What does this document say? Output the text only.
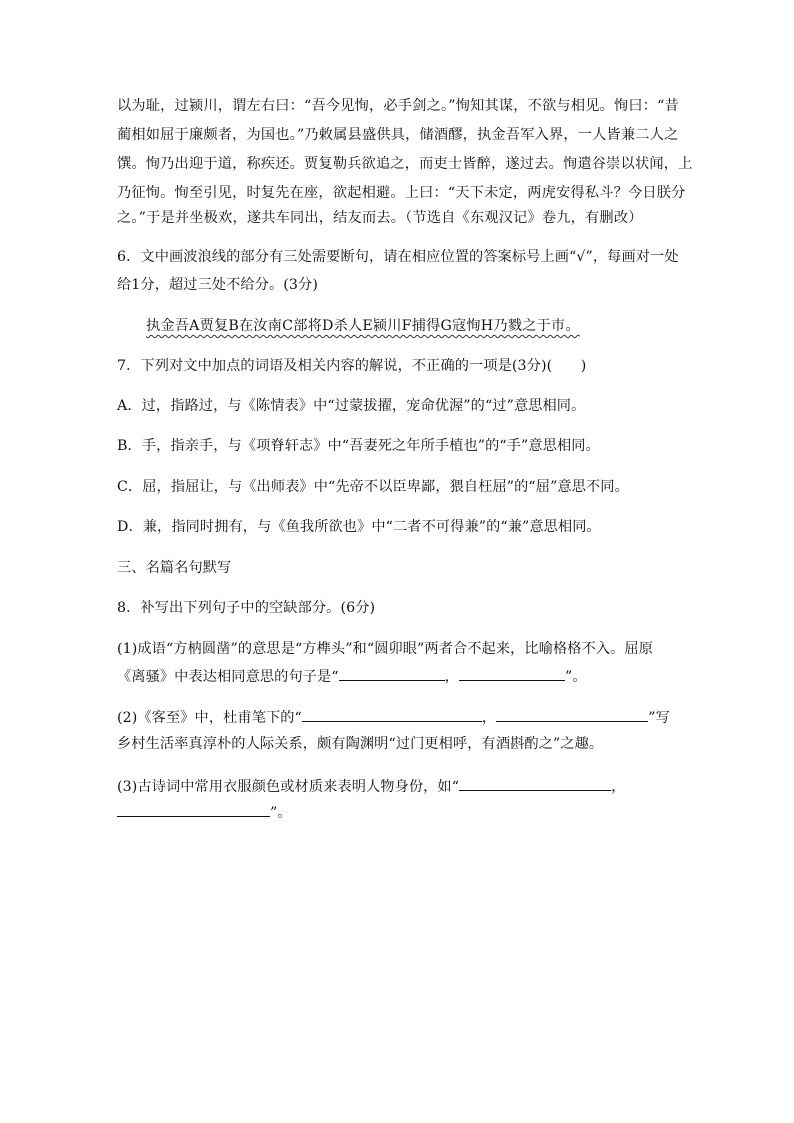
以为耻，过颍川，谓左右曰：“吾今见恂，必手剑之。”恂知其谋，不欲与相见。恂曰：“昔
蔺相如屈于廉颇者，为国也。”乃敕属县盛供具，储酒醪，执金吾军入界，一人皆兼二人之
馔。恂乃出迎于道，称疾还。贾复勒兵欲追之，而吏士皆醉，遂过去。恂遣谷崇以状闻，上
乃征恂。恂至引见，时复先在座，欲起相避。上曰：“天下未定，两虎安得私斗？今日朕分
之。”于是并坐极欢，遂共车同出，结友而去。（节选自《东观汉记》卷九，有删改）
6．文中画波浪线的部分有三处需要断句，请在相应位置的答案标号上画“√”，每画对一处
给1分，超过三处不给分。(3分)
执金吾A贾复B在汝南C部将D杀人E颍川F捕得G寇恂H乃戮之于市。
7．下列对文中加点的词语及相关内容的解说，不正确的一项是(3分)(　　)
A．过，指路过，与《陈情表》中“过蒙拔擢，宠命优渥”的“过”意思相同。
B．手，指亲手，与《项脊轩志》中“吾妻死之年所手植也”的“手”意思相同。
C．屈，指屈让，与《出师表》中“先帝不以臣卑鄙，猥自枉屈”的“屈”意思不同。
D．兼，指同时拥有，与《鱼我所欲也》中“二者不可得兼”的“兼”意思相同。
三、名篇名句默写
8．补写出下列句子中的空缺部分。(6分)
(1)成语“方枘圆凿”的意思是“方榫头”和“圆卯眼”两者合不起来，比喻格格不入。屈原
《离骚》中表达相同意思的句子是“	，	”。
(2)《客至》中，杜甫笔下的“	，	”写
乡村生活率真淳朴的人际关系，颇有陶渊明“过门更相呼，有酒斟酌之”之趣。
(3)古诗词中常用衣服颜色或材质来表明人物身份，如“	，
”。
